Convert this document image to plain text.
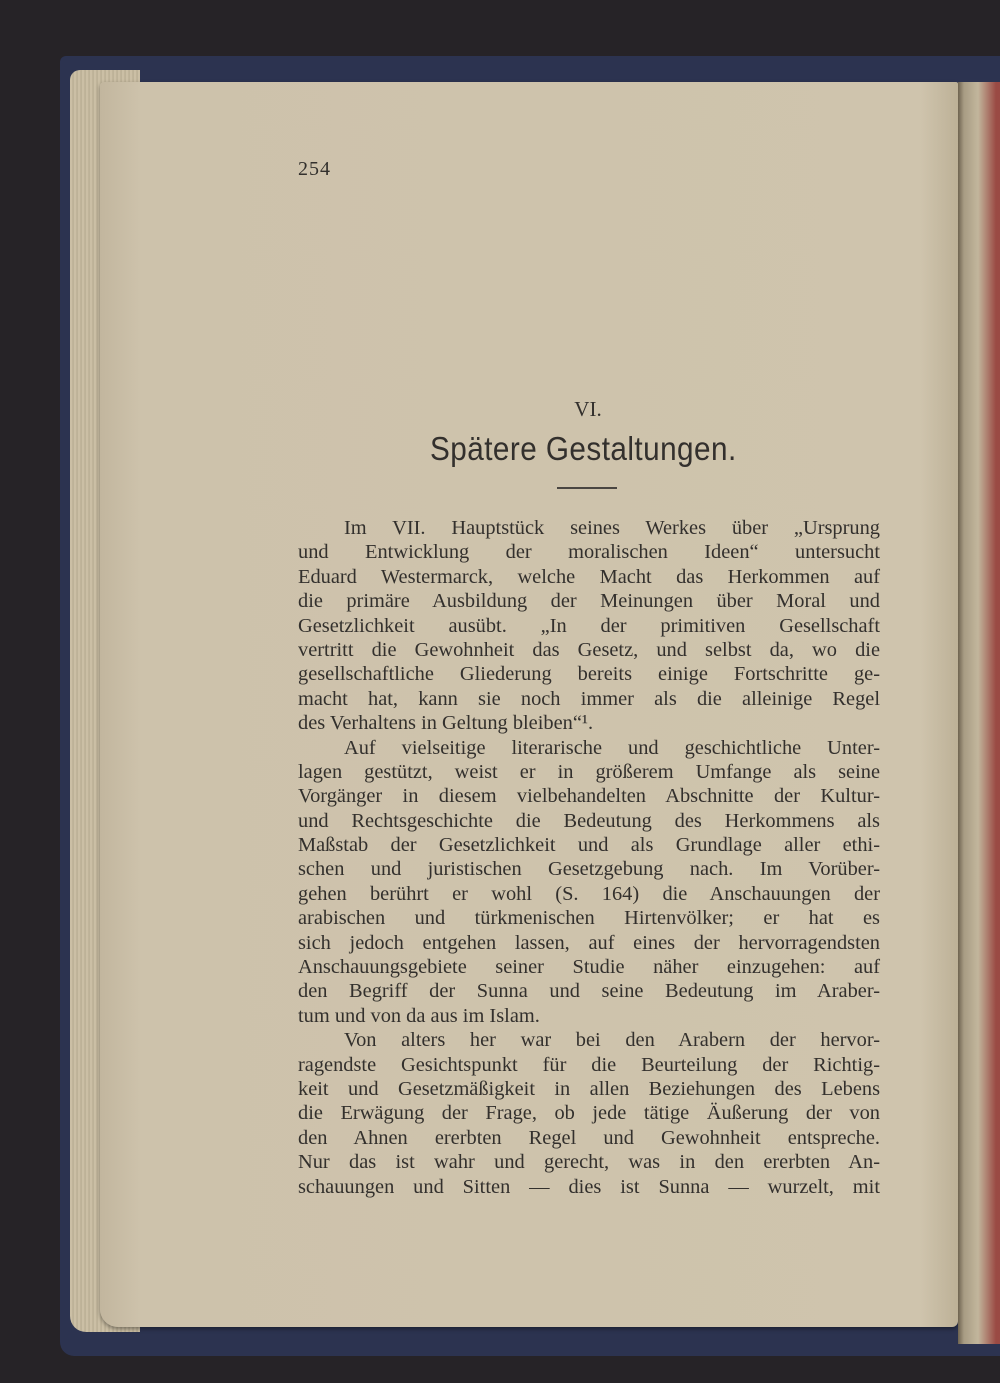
254
VI.
Spätere Gestaltungen.
Im VII. Hauptstück seines Werkes über „Ursprung
und Entwicklung der moralischen Ideen“ untersucht
Eduard Westermarck, welche Macht das Herkommen auf
die primäre Ausbildung der Meinungen über Moral und
Gesetzlichkeit ausübt. „In der primitiven Gesellschaft
vertritt die Gewohnheit das Gesetz, und selbst da, wo die
gesellschaftliche Gliederung bereits einige Fortschritte ge-
macht hat, kann sie noch immer als die alleinige Regel
des Verhaltens in Geltung bleiben“¹.
Auf vielseitige literarische und geschichtliche Unter-
lagen gestützt, weist er in größerem Umfange als seine
Vorgänger in diesem vielbehandelten Abschnitte der Kultur-
und Rechtsgeschichte die Bedeutung des Herkommens als
Maßstab der Gesetzlichkeit und als Grundlage aller ethi-
schen und juristischen Gesetzgebung nach. Im Vorüber-
gehen berührt er wohl (S. 164) die Anschauungen der
arabischen und türkmenischen Hirtenvölker; er hat es
sich jedoch entgehen lassen, auf eines der hervorragendsten
Anschauungsgebiete seiner Studie näher einzugehen: auf
den Begriff der Sunna und seine Bedeutung im Araber-
tum und von da aus im Islam.
Von alters her war bei den Arabern der hervor-
ragendste Gesichtspunkt für die Beurteilung der Richtig-
keit und Gesetzmäßigkeit in allen Beziehungen des Lebens
die Erwägung der Frage, ob jede tätige Äußerung der von
den Ahnen ererbten Regel und Gewohnheit entspreche.
Nur das ist wahr und gerecht, was in den ererbten An-
schauungen und Sitten — dies ist Sunna — wurzelt, mit
